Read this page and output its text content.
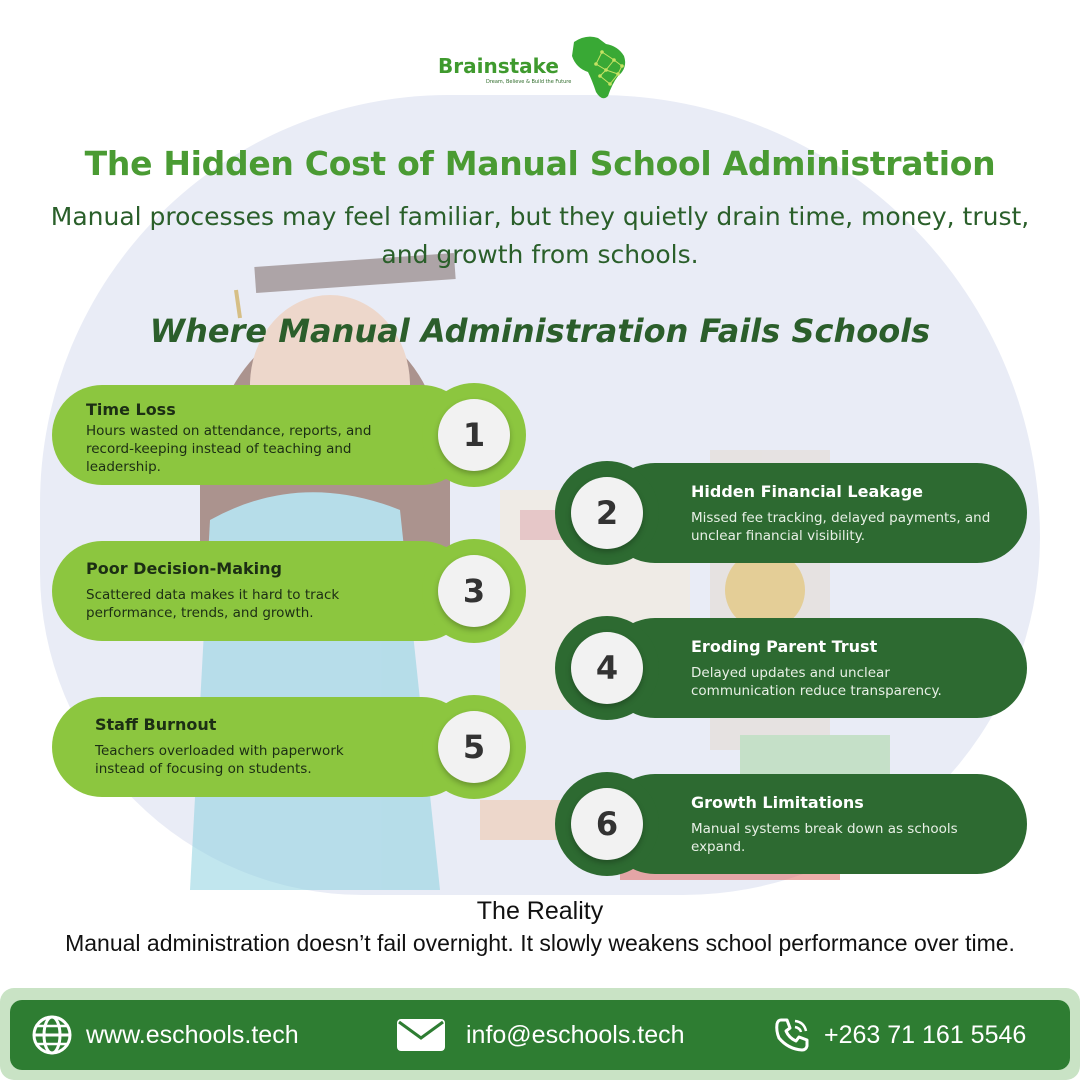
Brainstake
Dream, Believe & Build the Future
The Hidden Cost of Manual School Administration
Manual processes may feel familiar, but they quietly drain time, money, trust, and growth from schools.
Where Manual Administration Fails Schools
Time Loss
Hours wasted on attendance, reports, and record-keeping instead of teaching and leadership.
1
Hidden Financial Leakage
Missed fee tracking, delayed payments, and unclear financial visibility.
2
Poor Decision-Making
Scattered data makes it hard to track performance, trends, and growth.
3
Eroding Parent Trust
Delayed updates and unclear communication reduce transparency.
4
Staff Burnout
Teachers overloaded with paperwork instead of focusing on students.
5
Growth Limitations
Manual systems break down as schools expand.
6
The Reality
Manual administration doesn’t fail overnight. It slowly weakens school performance over time.
www.eschools.tech	info@eschools.tech	+263 71 161 5546
